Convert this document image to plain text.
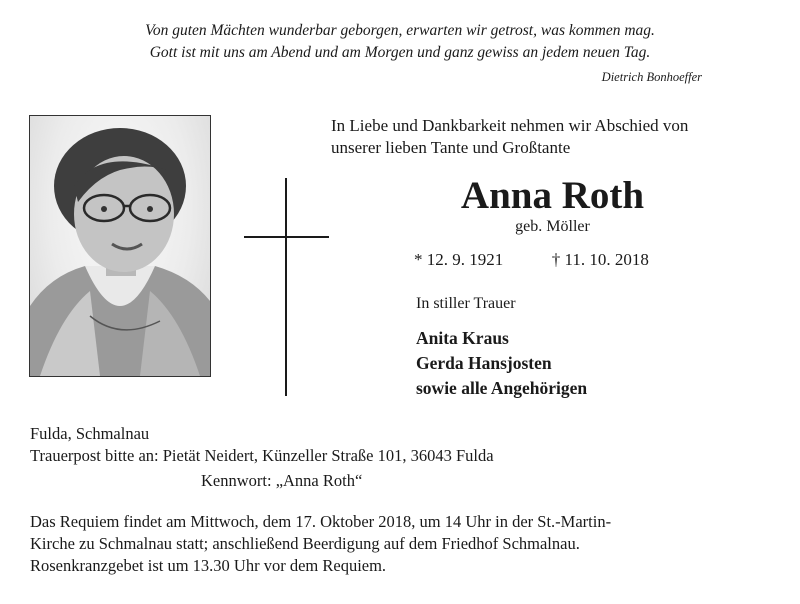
Von guten Mächten wunderbar geborgen, erwarten wir getrost, was kommen mag.
Gott ist mit uns am Abend und am Morgen und ganz gewiss an jedem neuen Tag.
Dietrich Bonhoeffer
In Liebe und Dankbarkeit nehmen wir Abschied von
unserer lieben Tante und Großtante
Anna Roth
geb. Möller
* 12. 9. 1921	† 11. 10. 2018
In stiller Trauer
Anita Kraus
Gerda Hansjosten
sowie alle Angehörigen
Fulda, Schmalnau
Trauerpost bitte an: Pietät Neidert, Künzeller Straße 101, 36043 Fulda
Kennwort: „Anna Roth“
Das Requiem findet am Mittwoch, dem 17. Oktober 2018, um 14 Uhr in der St.-Martin-
Kirche zu Schmalnau statt; anschließend Beerdigung auf dem Friedhof Schmalnau.
Rosenkranzgebet ist um 13.30 Uhr vor dem Requiem.
